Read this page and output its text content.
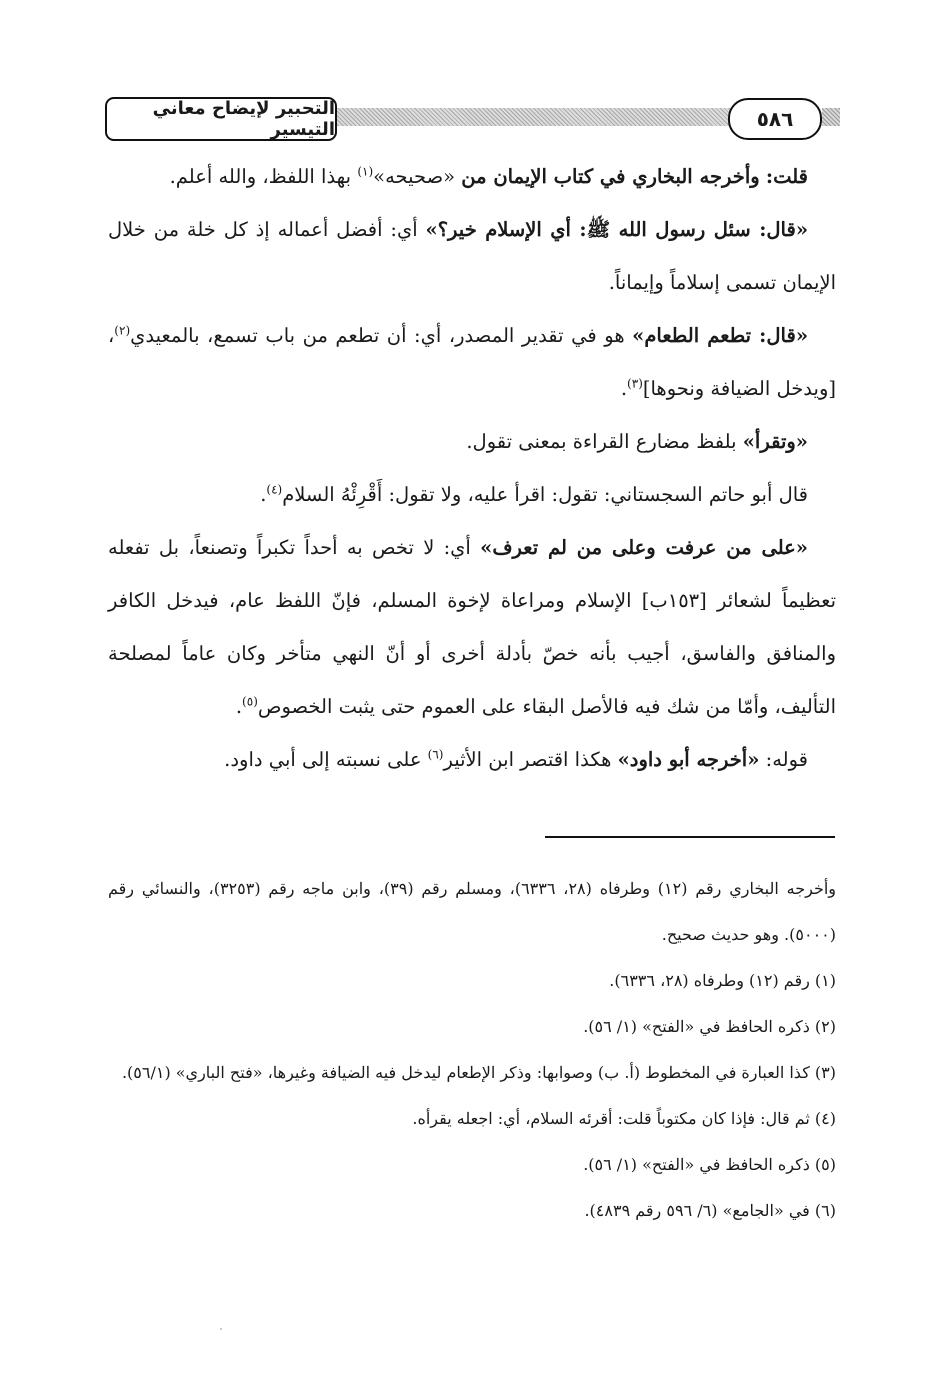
التحبير لإيضاح معاني التيسير	٥٨٦

قلت: وأخرجه البخاري في كتاب الإيمان من «صحيحه»$^{(١)}$ بهذا اللفظ، والله أعلم.

«قال: سئل رسول الله ﷺ: أي الإسلام خير؟» أي: أفضل أعماله إذ كل خلة من خلال الإيمان تسمى إسلاماً وإيماناً.

«قال: تطعم الطعام» هو في تقدير المصدر، أي: أن تطعم من باب تسمع، بالمعيدي$^{(٢)}$، [ويدخل الضيافة ونحوها]$^{(٣)}$.

«وتقرأ» بلفظ مضارع القراءة بمعنى تقول.

قال أبو حاتم السجستاني: تقول: اقرأ عليه، ولا تقول: أَقْرِئْهُ السلام$^{(٤)}$.

«على من عرفت وعلى من لم تعرف» أي: لا تخص به أحداً تكبراً وتصنعاً، بل تفعله تعظيماً لشعائر [١٥٣ب] الإسلام ومراعاة لإخوة المسلم، فإنّ اللفظ عام، فيدخل الكافر والمنافق والفاسق، أجيب بأنه خصّ بأدلة أخرى أو أنّ النهي متأخر وكان عاماً لمصلحة التأليف، وأمّا من شك فيه فالأصل البقاء على العموم حتى يثبت الخصوص$^{(٥)}$.

قوله: «أخرجه أبو داود» هكذا اقتصر ابن الأثير$^{(٦)}$ على نسبته إلى أبي داود.

وأخرجه البخاري رقم (١٢) وطرفاه (٢٨، ٦٣٣٦)، ومسلم رقم (٣٩)، وابن ماجه رقم (٣٢٥٣)، والنسائي رقم (٥٠٠٠). وهو حديث صحيح.

(١) رقم (١٢) وطرفاه (٢٨، ٦٣٣٦).

(٢) ذكره الحافظ في «الفتح» (١/ ٥٦).

(٣) كذا العبارة في المخطوط (أ. ب) وصوابها: وذكر الإطعام ليدخل فيه الضيافة وغيرها، «فتح الباري» (٥٦/١).

(٤) ثم قال: فإذا كان مكتوباً قلت: أقرئه السلام، أي: اجعله يقرأه.

(٥) ذكره الحافظ في «الفتح» (١/ ٥٦).

(٦) في «الجامع» (٦/ ٥٩٦ رقم ٤٨٣٩).
